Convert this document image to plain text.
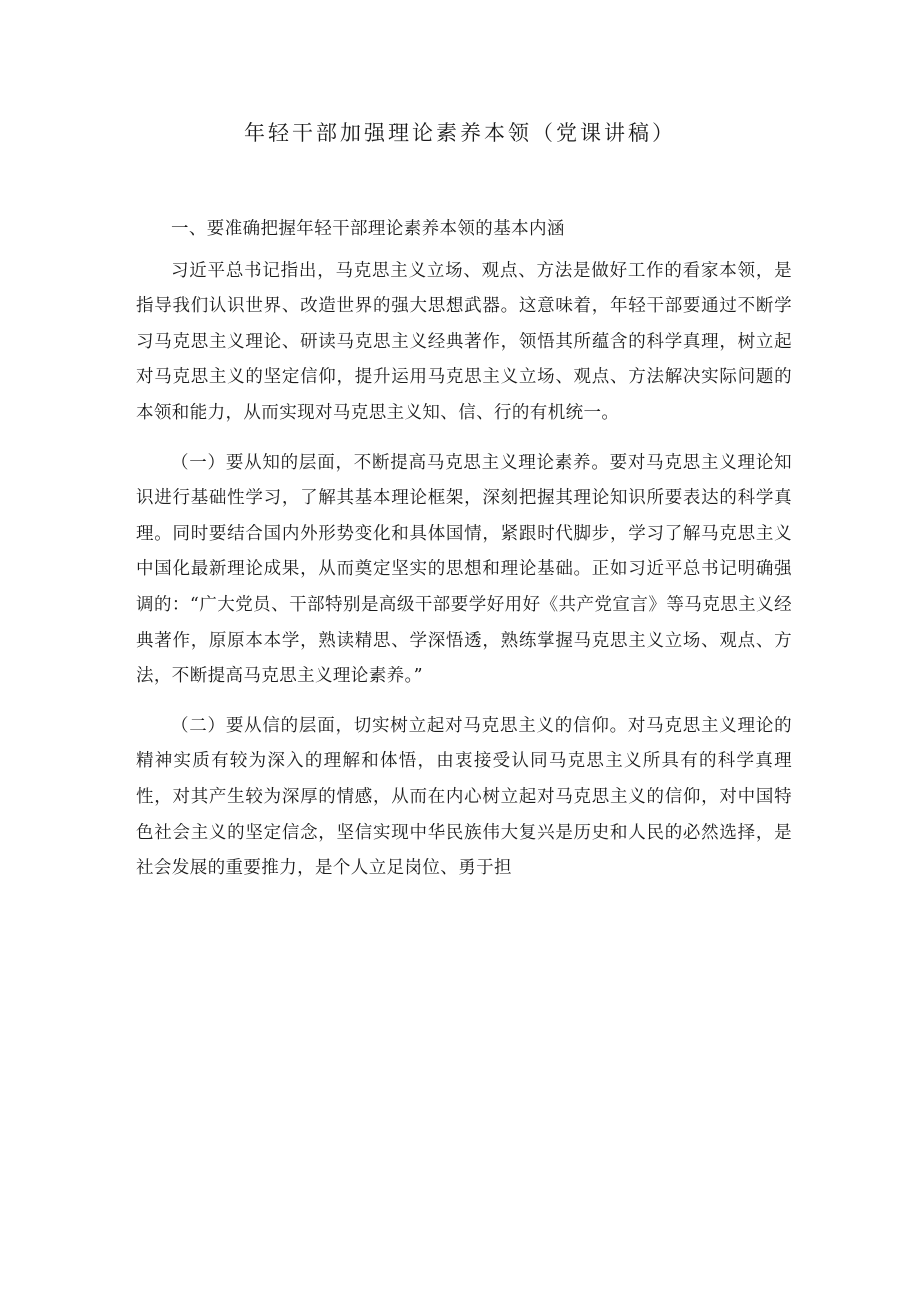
年轻干部加强理论素养本领（党课讲稿）

一、要准确把握年轻干部理论素养本领的基本内涵

习近平总书记指出，马克思主义立场、观点、方法是做好工作的看家本领，是指导我们认识世界、改造世界的强大思想武器。这意味着，年轻干部要通过不断学习马克思主义理论、研读马克思主义经典著作，领悟其所蕴含的科学真理，树立起对马克思主义的坚定信仰，提升运用马克思主义立场、观点、方法解决实际问题的本领和能力，从而实现对马克思主义知、信、行的有机统一。

（一）要从知的层面，不断提高马克思主义理论素养。要对马克思主义理论知识进行基础性学习，了解其基本理论框架，深刻把握其理论知识所要表达的科学真理。同时要结合国内外形势变化和具体国情，紧跟时代脚步，学习了解马克思主义中国化最新理论成果，从而奠定坚实的思想和理论基础。正如习近平总书记明确强调的：“广大党员、干部特别是高级干部要学好用好《共产党宣言》等马克思主义经典著作，原原本本学，熟读精思、学深悟透，熟练掌握马克思主义立场、观点、方法，不断提高马克思主义理论素养。”

（二）要从信的层面，切实树立起对马克思主义的信仰。对马克思主义理论的精神实质有较为深入的理解和体悟，由衷接受认同马克思主义所具有的科学真理性，对其产生较为深厚的情感，从而在内心树立起对马克思主义的信仰，对中国特色社会主义的坚定信念，坚信实现中华民族伟大复兴是历史和人民的必然选择，是社会发展的重要推力，是个人立足岗位、勇于担
